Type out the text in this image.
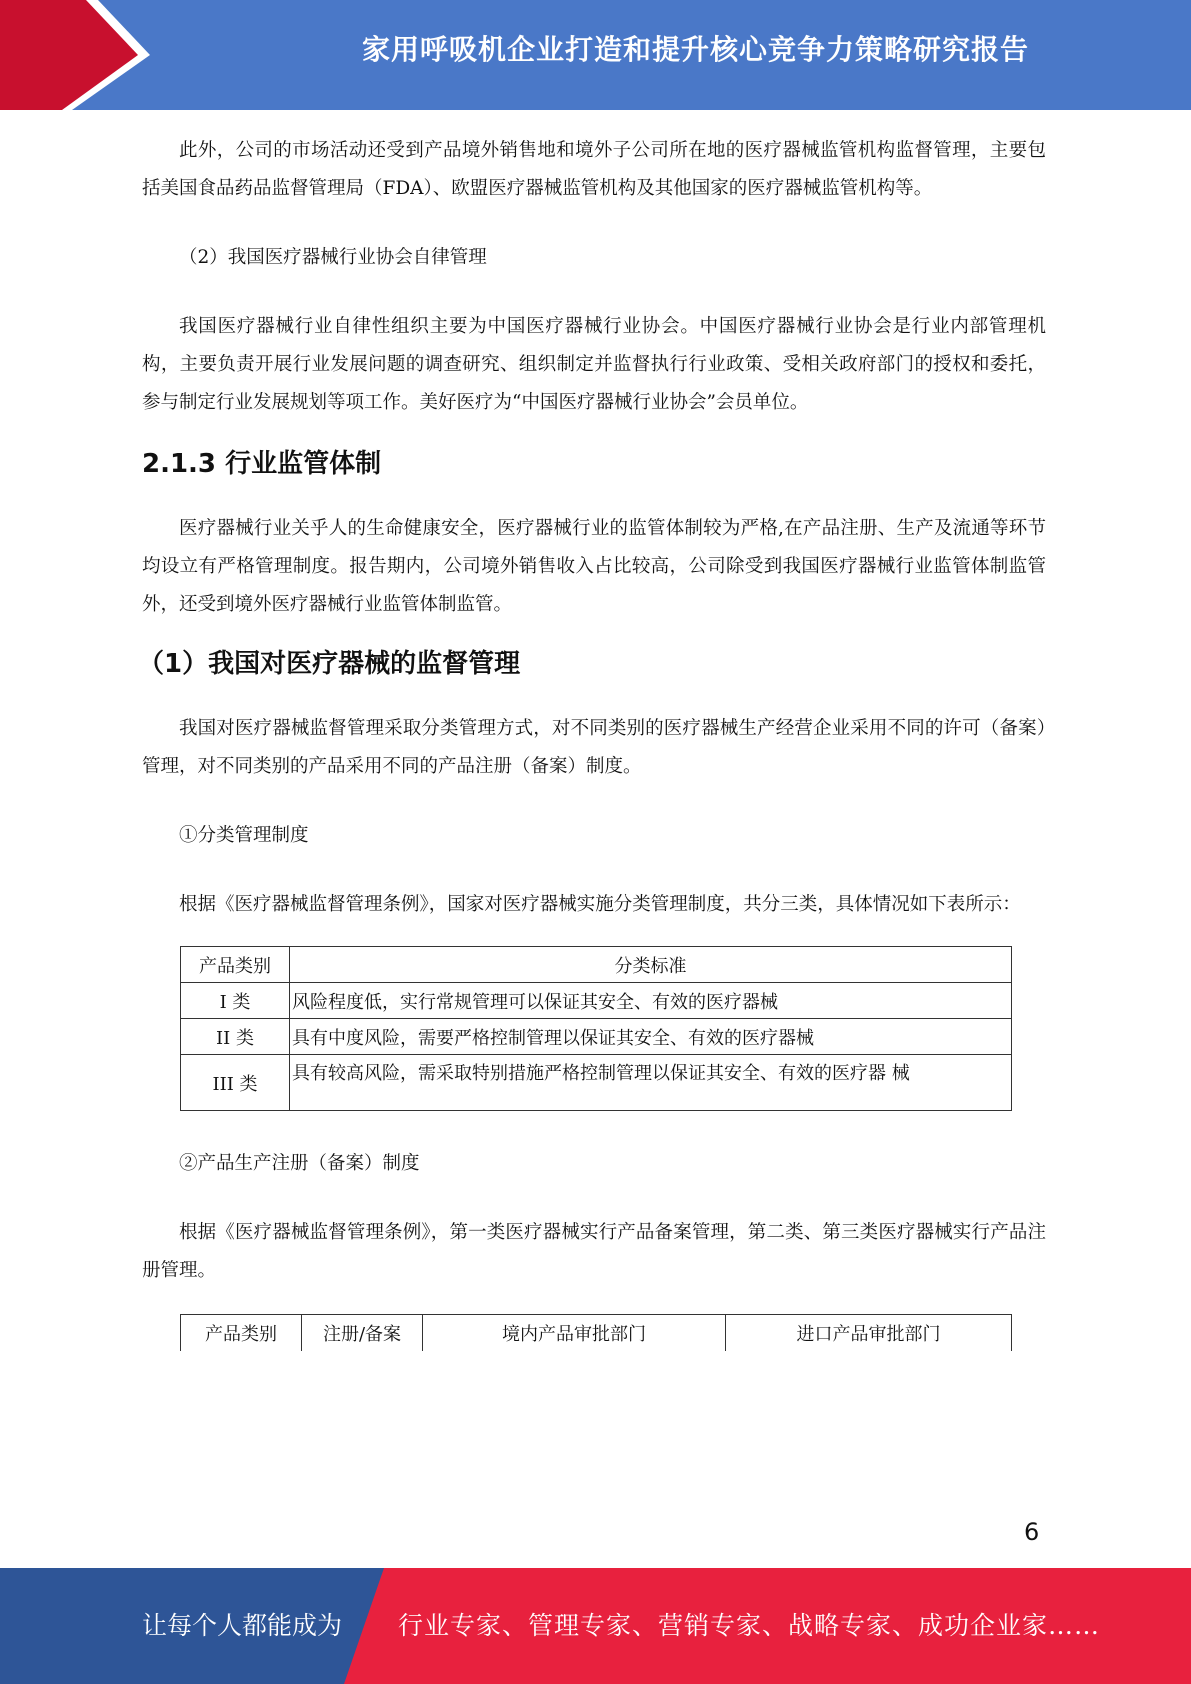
家用呼吸机企业打造和提升核心竞争力策略研究报告

此外，公司的市场活动还受到产品境外销售地和境外子公司所在地的医疗器械监管机构监督管理，主要包括美国食品药品监督管理局（FDA）、欧盟医疗器械监管机构及其他国家的医疗器械监管机构等。

（2）我国医疗器械行业协会自律管理

我国医疗器械行业自律性组织主要为中国医疗器械行业协会。中国医疗器械行业协会是行业内部管理机构，主要负责开展行业发展问题的调查研究、组织制定并监督执行行业政策、受相关政府部门的授权和委托，参与制定行业发展规划等项工作。美好医疗为“中国医疗器械行业协会”会员单位。

2.1.3 行业监管体制

医疗器械行业关乎人的生命健康安全，医疗器械行业的监管体制较为严格,在产品注册、生产及流通等环节均设立有严格管理制度。报告期内，公司境外销售收入占比较高，公司除受到我国医疗器械行业监管体制监管外，还受到境外医疗器械行业监管体制监管。

（1）我国对医疗器械的监督管理

我国对医疗器械监督管理采取分类管理方式，对不同类别的医疗器械生产经营企业采用不同的许可（备案）管理，对不同类别的产品采用不同的产品注册（备案）制度。

①分类管理制度

根据《医疗器械监督管理条例》，国家对医疗器械实施分类管理制度，共分三类，具体情况如下表所示：

产品类别	分类标准
I 类	风险程度低，实行常规管理可以保证其安全、有效的医疗器械
II 类	具有中度风险，需要严格控制管理以保证其安全、有效的医疗器械
III 类	具有较高风险，需采取特别措施严格控制管理以保证其安全、有效的医疗器 械

②产品生产注册（备案）制度

根据《医疗器械监督管理条例》，第一类医疗器械实行产品备案管理，第二类、第三类医疗器械实行产品注册管理。

产品类别	注册/备案	境内产品审批部门	进口产品审批部门
6
让每个人都能成为 行业专家、管理专家、营销专家、战略专家、成功企业家……
